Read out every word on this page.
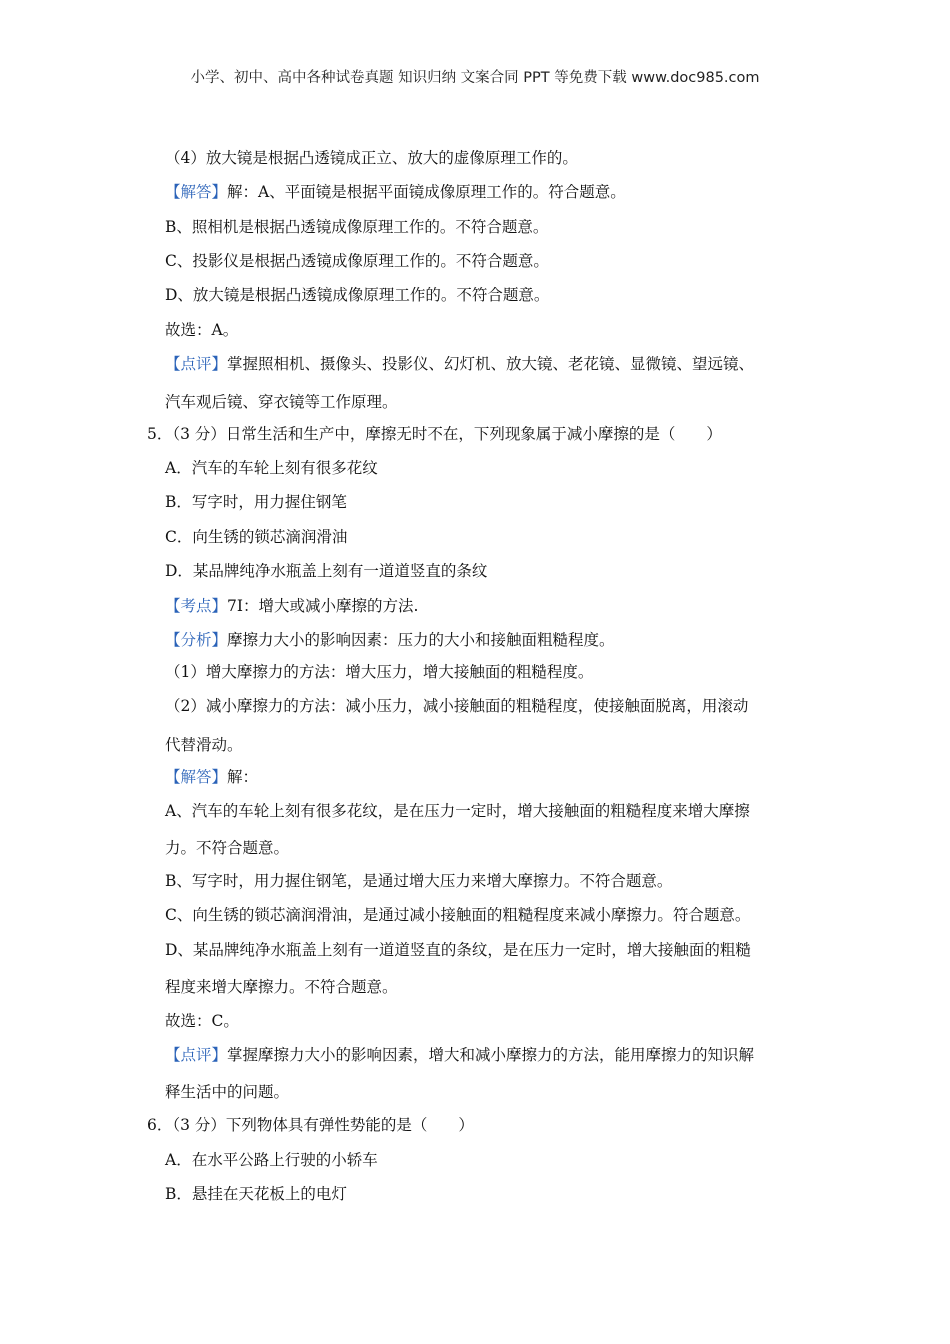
小学、初中、高中各种试卷真题 知识归纳 文案合同 PPT 等免费下载 www.doc985.com
（4）放大镜是根据凸透镜成正立、放大的虚像原理工作的。
【解答】解：A、平面镜是根据平面镜成像原理工作的。符合题意。
B、照相机是根据凸透镜成像原理工作的。不符合题意。
C、投影仪是根据凸透镜成像原理工作的。不符合题意。
D、放大镜是根据凸透镜成像原理工作的。不符合题意。
故选：A。
【点评】掌握照相机、摄像头、投影仪、幻灯机、放大镜、老花镜、显微镜、望远镜、
汽车观后镜、穿衣镜等工作原理。
5．（3 分）日常生活和生产中，摩擦无时不在，下列现象属于减小摩擦的是（　　）
A．汽车的车轮上刻有很多花纹
B．写字时，用力握住钢笔
C．向生锈的锁芯滴润滑油
D．某品牌纯净水瓶盖上刻有一道道竖直的条纹
【考点】7I：增大或减小摩擦的方法.
【分析】摩擦力大小的影响因素：压力的大小和接触面粗糙程度。
（1）增大摩擦力的方法：增大压力，增大接触面的粗糙程度。
（2）减小摩擦力的方法：减小压力，减小接触面的粗糙程度，使接触面脱离，用滚动
代替滑动。
【解答】解：
A、汽车的车轮上刻有很多花纹，是在压力一定时，增大接触面的粗糙程度来增大摩擦
力。不符合题意。
B、写字时，用力握住钢笔，是通过增大压力来增大摩擦力。不符合题意。
C、向生锈的锁芯滴润滑油，是通过减小接触面的粗糙程度来减小摩擦力。符合题意。
D、某品牌纯净水瓶盖上刻有一道道竖直的条纹，是在压力一定时，增大接触面的粗糙
程度来增大摩擦力。不符合题意。
故选：C。
【点评】掌握摩擦力大小的影响因素，增大和减小摩擦力的方法，能用摩擦力的知识解
释生活中的问题。
6．（3 分）下列物体具有弹性势能的是（　　）
A．在水平公路上行驶的小轿车
B．悬挂在天花板上的电灯
